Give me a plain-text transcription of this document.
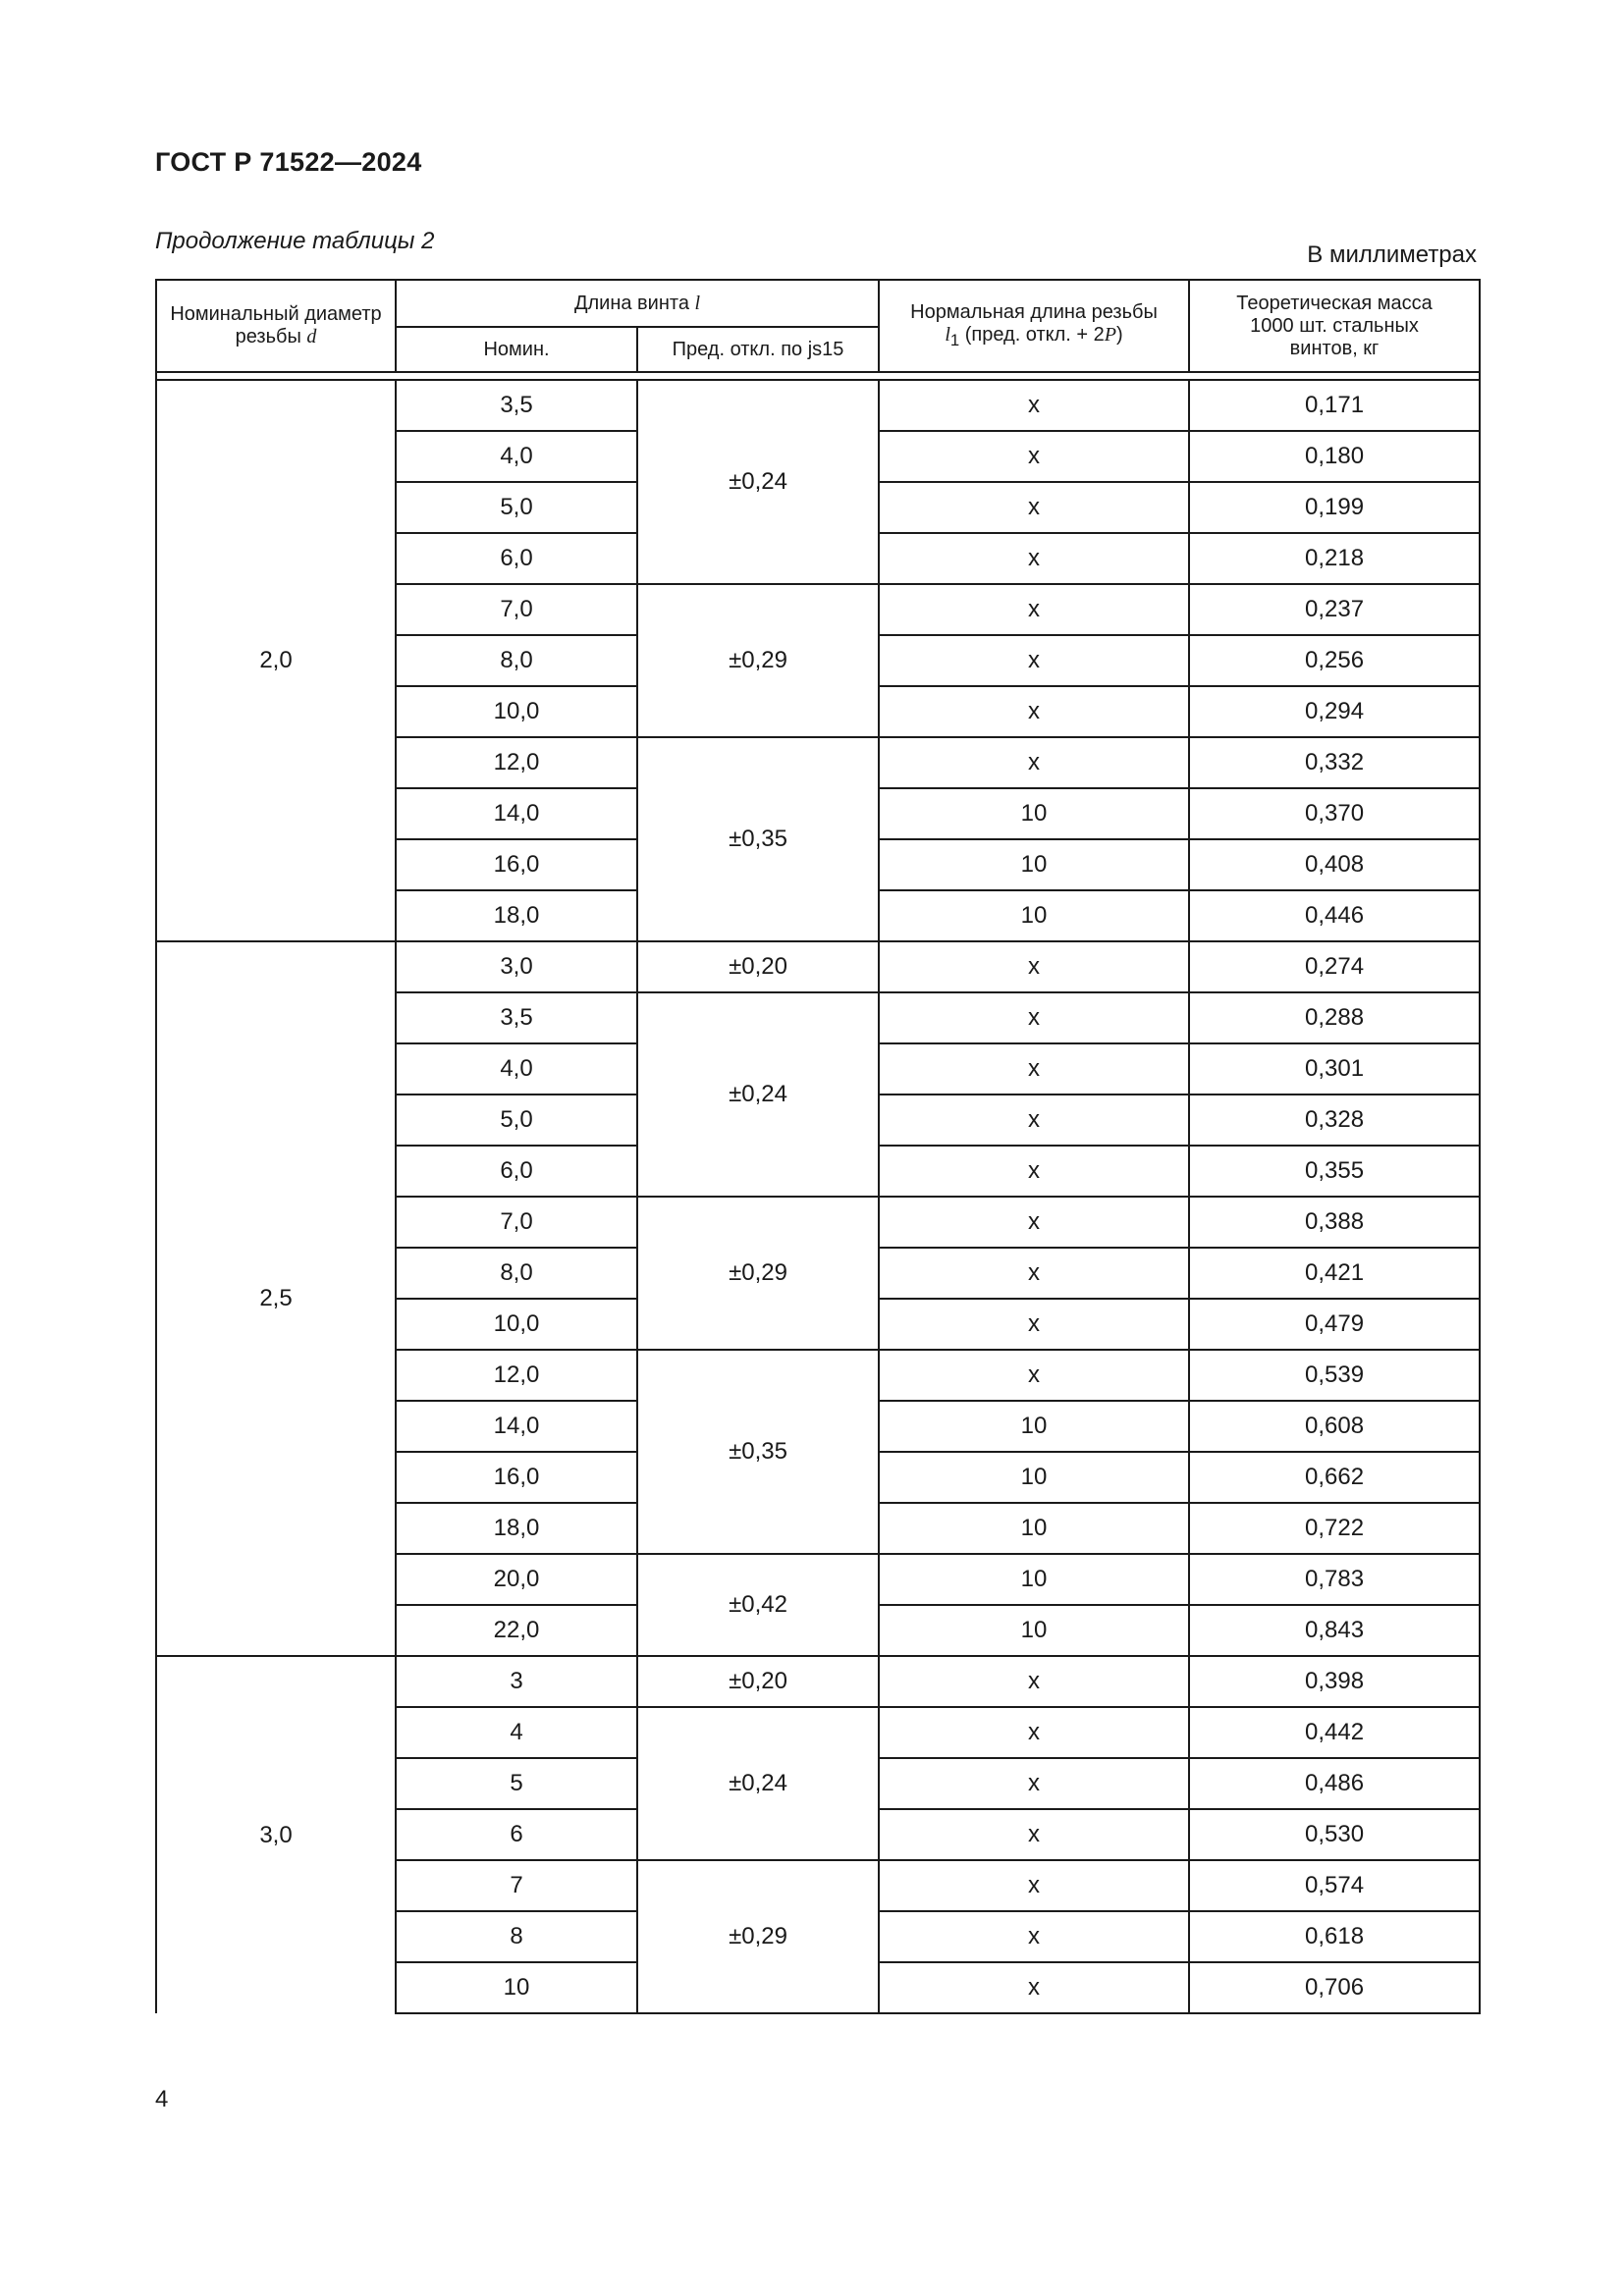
ГОСТ Р 71522—2024
Продолжение таблицы 2
В миллиметрах
Номинальный диаметр резьбы d	Длина винта l		Нормальная длина резьбы
$l_1$ (пред. откл. + 2P)	Теоретическая масса 1000 шт. стальных винтов, кг
	Номин.	Пред. откл. по js15		

2,0	3,5	±0,24	x	0,171
	4,0		x	0,180
	5,0		x	0,199
	6,0		x	0,218
	7,0	±0,29	x	0,237
	8,0		x	0,256
	10,0		x	0,294
	12,0	±0,35	x	0,332
	14,0		10	0,370
	16,0		10	0,408
	18,0		10	0,446
2,5	3,0	±0,20	x	0,274
	3,5	±0,24	x	0,288
	4,0		x	0,301
	5,0		x	0,328
	6,0		x	0,355
	7,0	±0,29	x	0,388
	8,0		x	0,421
	10,0		x	0,479
	12,0	±0,35	x	0,539
	14,0		10	0,608
	16,0		10	0,662
	18,0		10	0,722
	20,0	±0,42	10	0,783
	22,0		10	0,843
3,0	3	±0,20	x	0,398
	4	±0,24	x	0,442
	5		x	0,486
	6		x	0,530
	7	±0,29	x	0,574
	8		x	0,618
	10		x	0,706
4
